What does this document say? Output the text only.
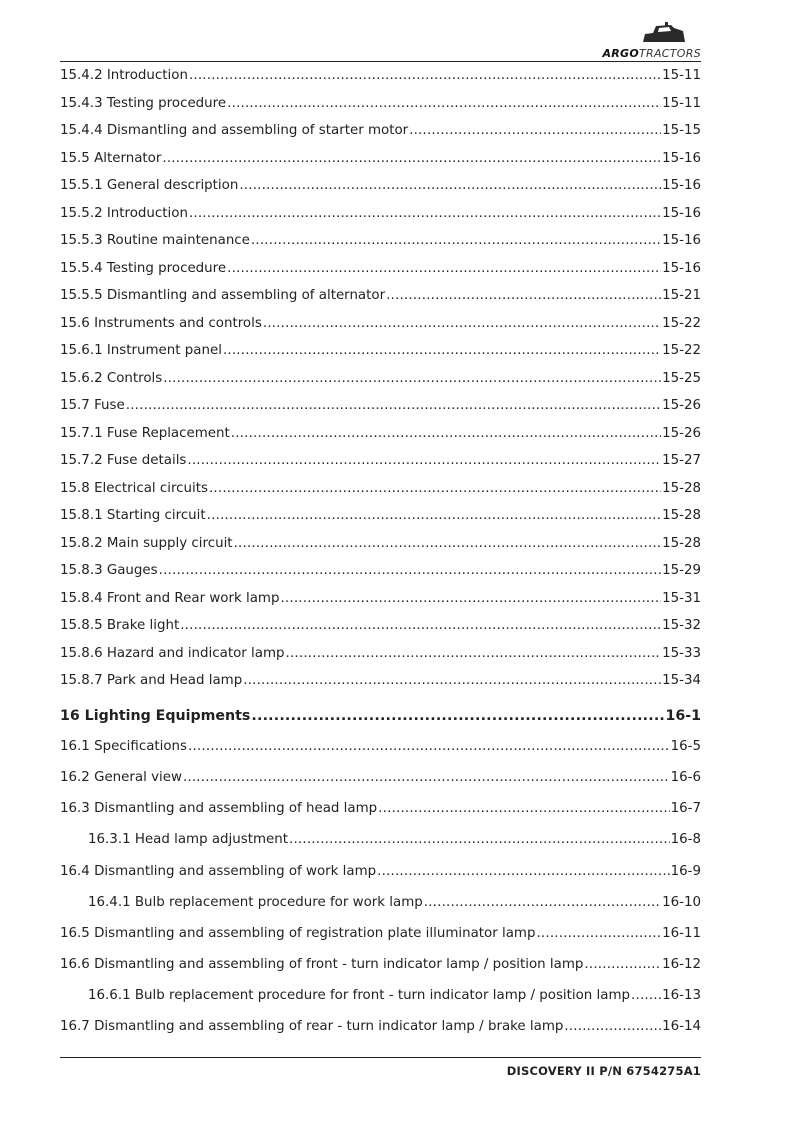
ARGOTRACTORS
15.4.2 Introduction .....	15-11
15.4.3 Testing procedure .....	15-11
15.4.4 Dismantling and assembling of starter motor .....	15-15
15.5 Alternator .....	15-16
15.5.1 General description .....	15-16
15.5.2 Introduction .....	15-16
15.5.3 Routine maintenance .....	15-16
15.5.4 Testing procedure .....	15-16
15.5.5 Dismantling and assembling of alternator .....	15-21
15.6 Instruments and controls .....	15-22
15.6.1 Instrument panel .....	15-22
15.6.2 Controls .....	15-25
15.7 Fuse .....	15-26
15.7.1 Fuse Replacement .....	15-26
15.7.2 Fuse details .....	15-27
15.8 Electrical circuits .....	15-28
15.8.1 Starting circuit .....	15-28
15.8.2 Main supply circuit .....	15-28
15.8.3 Gauges .....	15-29
15.8.4 Front and Rear work lamp .....	15-31
15.8.5 Brake light .....	15-32
15.8.6 Hazard and indicator lamp .....	15-33
15.8.7 Park and Head lamp .....	15-34
16 Lighting Equipments .....	16-1
16.1 Specifications .....	16-5
16.2 General view .....	16-6
16.3 Dismantling and assembling of head lamp .....	16-7
16.3.1 Head lamp adjustment .....	16-8
16.4 Dismantling and assembling of work lamp .....	16-9
16.4.1 Bulb replacement procedure for work lamp .....	16-10
16.5 Dismantling and assembling of registration plate illuminator lamp .....	16-11
16.6 Dismantling and assembling of front - turn indicator lamp / position lamp .....	16-12
16.6.1 Bulb replacement procedure for front - turn indicator lamp / position lamp ..... 16-13
16.7 Dismantling and assembling of rear - turn indicator lamp / brake lamp .....	16-14
DISCOVERY II P/N 6754275A1
